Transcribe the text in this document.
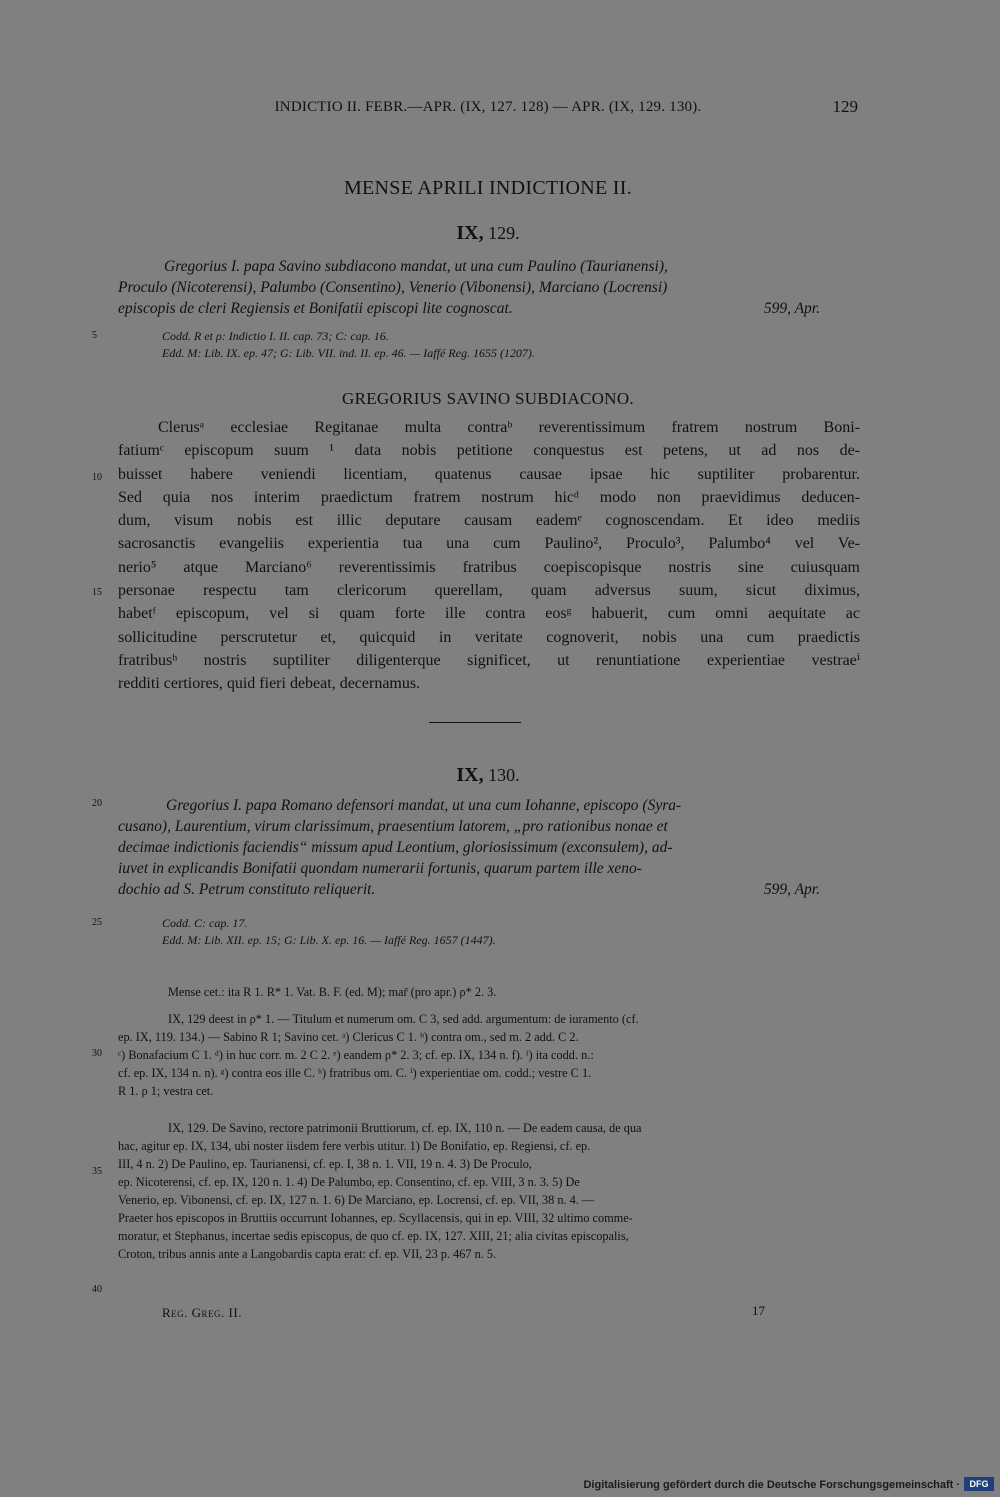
INDICTIO II. FEBR.—APR. (IX, 127. 128) — APR. (IX, 129. 130).	129
MENSE APRILI INDICTIONE II.
IX, 129.
Gregorius I. papa Savino subdiacono mandat, ut una cum Paulino (Taurianensi),
Proculo (Nicoterensi), Palumbo (Consentino), Venerio (Vibonensi), Marciano (Locrensi)
episcopis de cleri Regiensis et Bonifatii episcopi lite cognoscat.	599, Apr.
Codd. R et ρ: Indictio I. II. cap. 73; C: cap. 16.
Edd. M: Lib. IX. ep. 47; G: Lib. VII. ind. II. ep. 46. — Iaffé Reg. 1655 (1207).
GREGORIUS SAVINO SUBDIACONO.
Clerusᵃ ecclesiae Regitanae multa contraᵇ reverentissimum fratrem nostrum Boni-
fatiumᶜ episcopum suum ¹ data nobis petitione conquestus est petens, ut ad nos de-
buisset habere veniendi licentiam, quatenus causae ipsae hic suptiliter probarentur.
Sed quia nos interim praedictum fratrem nostrum hicᵈ modo non praevidimus deducen-
dum, visum nobis est illic deputare causam eademᵉ cognoscendam. Et ideo mediis
sacrosanctis evangeliis experientia tua una cum Paulino², Proculo³, Palumbo⁴ vel Ve-
nerio⁵ atque Marciano⁶ reverentissimis fratribus coepiscopisque nostris sine cuiusquam
personae respectu tam clericorum querellam, quam adversus suum, sicut diximus,
habetᶠ episcopum, vel si quam forte ille contra eosᵍ habuerit, cum omni aequitate ac
sollicitudine perscrutetur et, quicquid in veritate cognoverit, nobis una cum praedictis
fratribusʰ nostris suptiliter diligenterque significet, ut renuntiatione experientiae vestraeⁱ
redditi certiores, quid fieri debeat, decernamus.
IX, 130.
Gregorius I. papa Romano defensori mandat, ut una cum Iohanne, episcopo (Syra-
cusano), Laurentium, virum clarissimum, praesentium latorem, „pro rationibus nonae et
decimae indictionis faciendis“ missum apud Leontium, gloriosissimum (exconsulem), ad-
iuvet in explicandis Bonifatii quondam numerarii fortunis, quarum partem ille xeno-
dochio ad S. Petrum constituto reliquerit.	599, Apr.
Codd. C: cap. 17.
Edd. M: Lib. XII. ep. 15; G: Lib. X. ep. 16. — Iaffé Reg. 1657 (1447).
Mense cet.: ita R 1. R* 1. Vat. B. F. (ed. M); mar̄ (pro apr.) ρ* 2. 3.
IX, 129 deest in ρ* 1. — Titulum et numerum om. C 3, sed add. argumentum: de iuramento (cf.
ep. IX, 119. 134.) — Sabino R 1; Savino cet. ᵃ) Clericus C 1. ᵇ) contra om., sed m. 2 add. C 2.
ᶜ) Bonafacium C 1. ᵈ) in huc corr. m. 2 C 2. ᵉ) eandem ρ* 2. 3; cf. ep. IX, 134 n. f). ᶠ) ita codd. n.:
cf. ep. IX, 134 n. n). ᵍ) contra eos ille C. ʰ) fratribus om. C. ⁱ) experientiae om. codd.; vestre C 1.
R 1. ρ 1; vestra cet.
IX, 129. De Savino, rectore patrimonii Bruttiorum, cf. ep. IX, 110 n. — De eadem causa, de qua
hac, agitur ep. IX, 134, ubi noster iisdem fere verbis utitur. 1) De Bonifatio, ep. Regiensi, cf. ep.
III, 4 n. 2) De Paulino, ep. Taurianensi, cf. ep. I, 38 n. 1. VII, 19 n. 4. 3) De Proculo,
ep. Nicoterensi, cf. ep. IX, 120 n. 1. 4) De Palumbo, ep. Consentino, cf. ep. VIII, 3 n. 3. 5) De
Venerio, ep. Vibonensi, cf. ep. IX, 127 n. 1. 6) De Marciano, ep. Locrensi, cf. ep. VII, 38 n. 4. —
Praeter hos episcopos in Bruttiis occurrunt Iohannes, ep. Scyllacensis, qui in ep. VIII, 32 ultimo comme-
moratur, et Stephanus, incertae sedis episcopus, de quo cf. ep. IX, 127. XIII, 21; alia civitas episcopalis,
Croton, tribus annis ante a Langobardis capta erat: cf. ep. VII, 23 p. 467 n. 5.
5
10
15
20
25
30
35
40
Reg. Greg. II.	17
Digitalisierung gefördert durch die Deutsche Forschungsgemeinschaft ·	DFG
